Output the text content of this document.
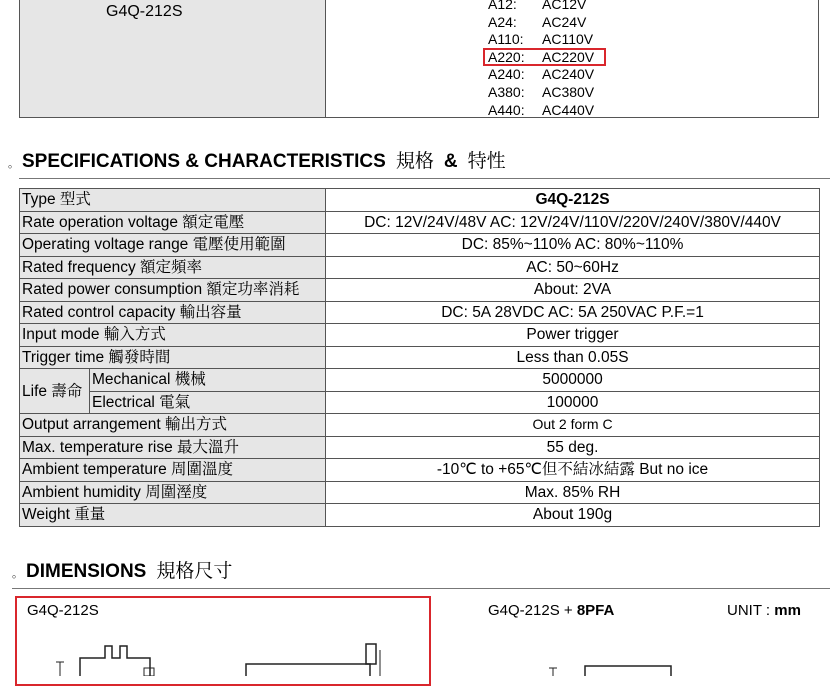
G4Q-212S	A12:	AC12V
A24:	AC24V
A110:	AC110V
A220:	AC220V
A240:	AC240V
A380:	AC380V
A440:	AC440V
。 SPECIFICATIONS & CHARACTERISTICS 規格 & 特性
Type 型式		G4Q-212S
Rate operation voltage 額定電壓		DC: 12V/24V/48V AC: 12V/24V/110V/220V/240V/380V/440V
Operating voltage range 電壓使用範圍		DC: 85%~110% AC: 80%~110%
Rated frequency 額定頻率		AC: 50~60Hz
Rated power consumption 額定功率消耗		About: 2VA
Rated control capacity 輸出容量		DC: 5A 28VDC AC: 5A 250VAC P.F.=1
Input mode 輸入方式		Power trigger
Trigger time 觸發時間		Less than 0.05S
Life 壽命	Mechanical 機械	5000000
	Electrical 電氣	100000
Output arrangement 輸出方式		Out 2 form C
Max. temperature rise 最大溫升		55 deg.
Ambient temperature 周圍溫度		-10℃ to +65℃但不結冰結露 But no ice
Ambient humidity 周圍溼度		Max. 85% RH
Weight 重量		About 190g
。 DIMENSIONS 規格尺寸
G4Q-212S	G4Q-212S + 8PFA	UNIT : mm
